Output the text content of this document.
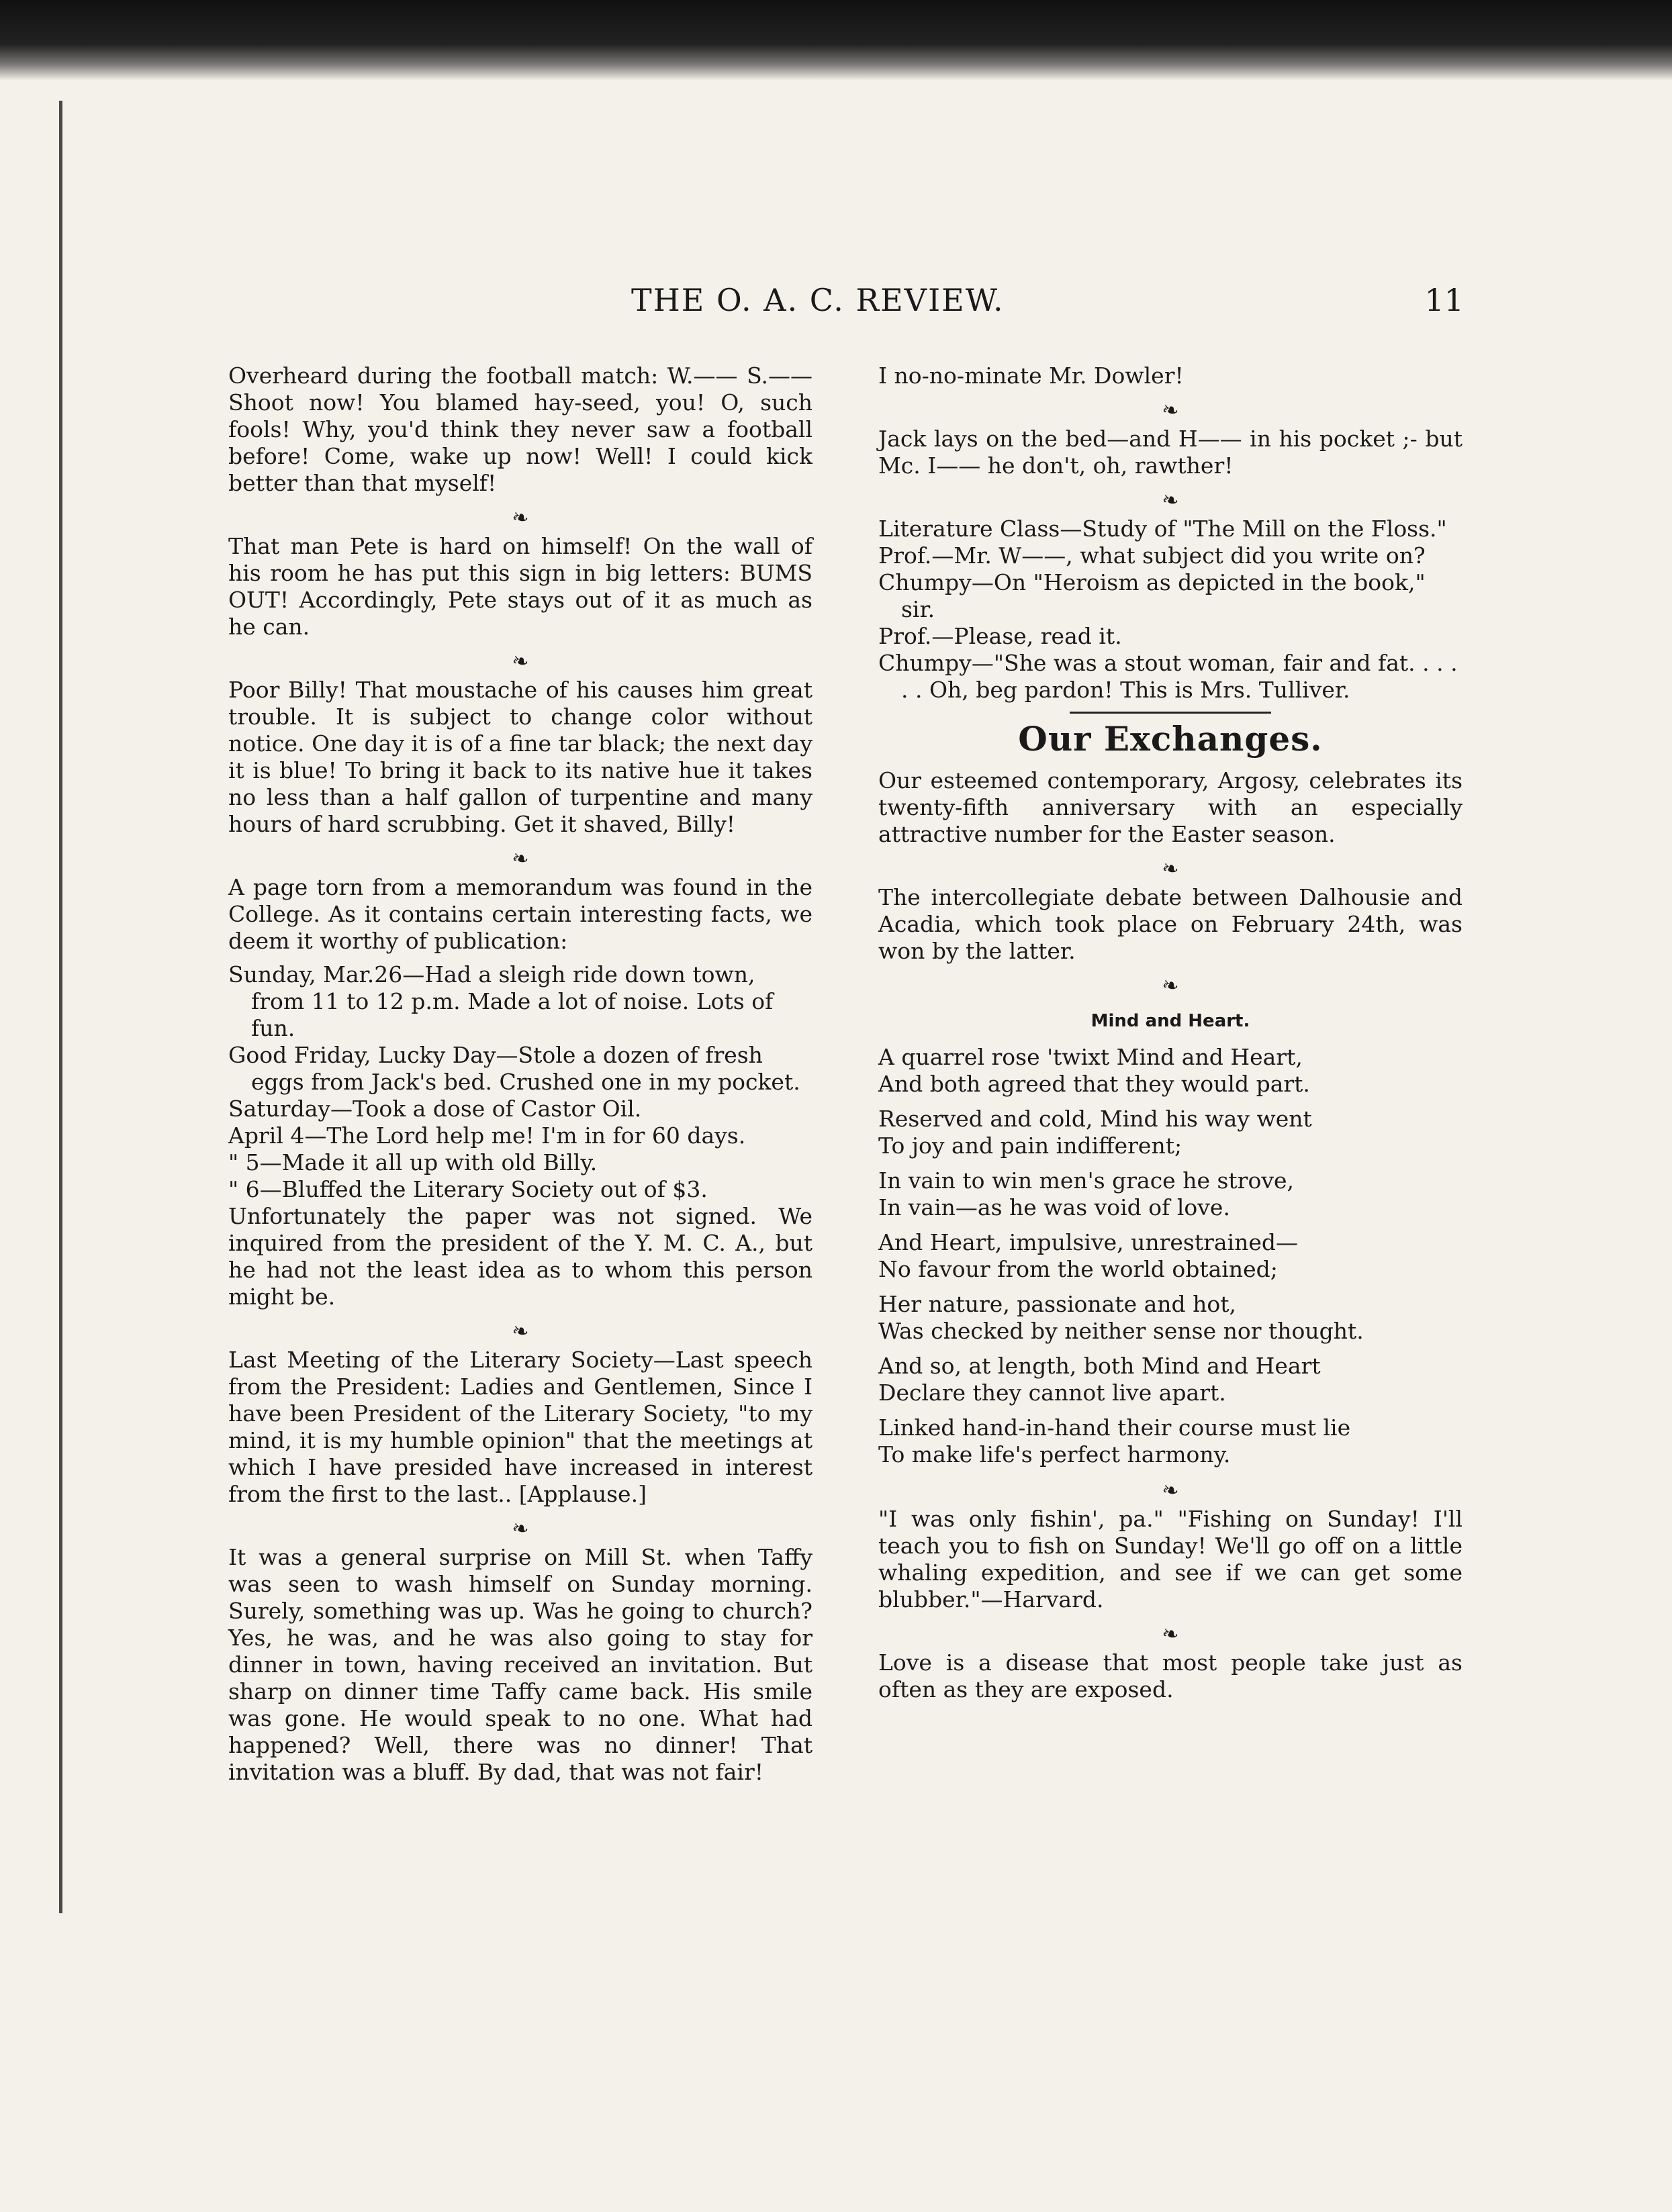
THE O. A. C. REVIEW.	11

Overheard during the football match: W.—— S.——Shoot now! You blamed hay-seed, you! O, such fools! Why, you'd think they never saw a football before! Come, wake up now! Well! I could kick better than that myself!

❧

That man Pete is hard on himself! On the wall of his room he has put this sign in big letters: BUMS OUT! Accordingly, Pete stays out of it as much as he can.

❧

Poor Billy! That moustache of his causes him great trouble. It is subject to change color without notice. One day it is of a fine tar black; the next day it is blue! To bring it back to its native hue it takes no less than a half gallon of turpentine and many hours of hard scrubbing. Get it shaved, Billy!

❧

A page torn from a memorandum was found in the College. As it contains certain interesting facts, we deem it worthy of publication:

Sunday, Mar.26—Had a sleigh ride down town, from 11 to 12 p.m. Made a lot of noise. Lots of fun.

Good Friday, Lucky Day—Stole a dozen of fresh eggs from Jack's bed. Crushed one in my pocket.

Saturday—Took a dose of Castor Oil.

April 4—The Lord help me! I'm in for 60 days.

" 5—Made it all up with old Billy.

" 6—Bluffed the Literary Society out of $3.

Unfortunately the paper was not signed. We inquired from the president of the Y. M. C. A., but he had not the least idea as to whom this person might be.

❧

Last Meeting of the Literary Society—Last speech from the President: Ladies and Gentlemen, Since I have been President of the Literary Society, "to my mind, it is my humble opinion" that the meetings at which I have presided have increased in interest from the first to the last.. [Applause.]

❧

It was a general surprise on Mill St. when Taffy was seen to wash himself on Sunday morning. Surely, something was up. Was he going to church? Yes, he was, and he was also going to stay for dinner in town, having received an invitation. But sharp on dinner time Taffy came back. His smile was gone. He would speak to no one. What had happened? Well, there was no dinner! That invitation was a bluff. By dad, that was not fair!

I no-no-minate Mr. Dowler!

❧

Jack lays on the bed—and H—— in his pocket ;- but Mc. I—— he don't, oh, rawther!

❧

Literature Class—Study of "The Mill on the Floss."

Prof.—Mr. W——, what subject did you write on?

Chumpy—On "Heroism as depicted in the book," sir.

Prof.—Please, read it.

Chumpy—"She was a stout woman, fair and fat. . . . . . Oh, beg pardon! This is Mrs. Tulliver.

Our Exchanges.

Our esteemed contemporary, Argosy, celebrates its twenty-fifth anniversary with an especially attractive number for the Easter season.

❧

The intercollegiate debate between Dalhousie and Acadia, which took place on February 24th, was won by the latter.

❧
Mind and Heart.
A quarrel rose 'twixt Mind and Heart,
And both agreed that they would part.
Reserved and cold, Mind his way went
To joy and pain indifferent;
In vain to win men's grace he strove,
In vain—as he was void of love.
And Heart, impulsive, unrestrained—
No favour from the world obtained;
Her nature, passionate and hot,
Was checked by neither sense nor thought.
And so, at length, both Mind and Heart
Declare they cannot live apart.
Linked hand-in-hand their course must lie
To make life's perfect harmony.
❧

"I was only fishin', pa." "Fishing on Sunday! I'll teach you to fish on Sunday! We'll go off on a little whaling expedition, and see if we can get some blubber."—Harvard.

❧

Love is a disease that most people take just as often as they are exposed.
